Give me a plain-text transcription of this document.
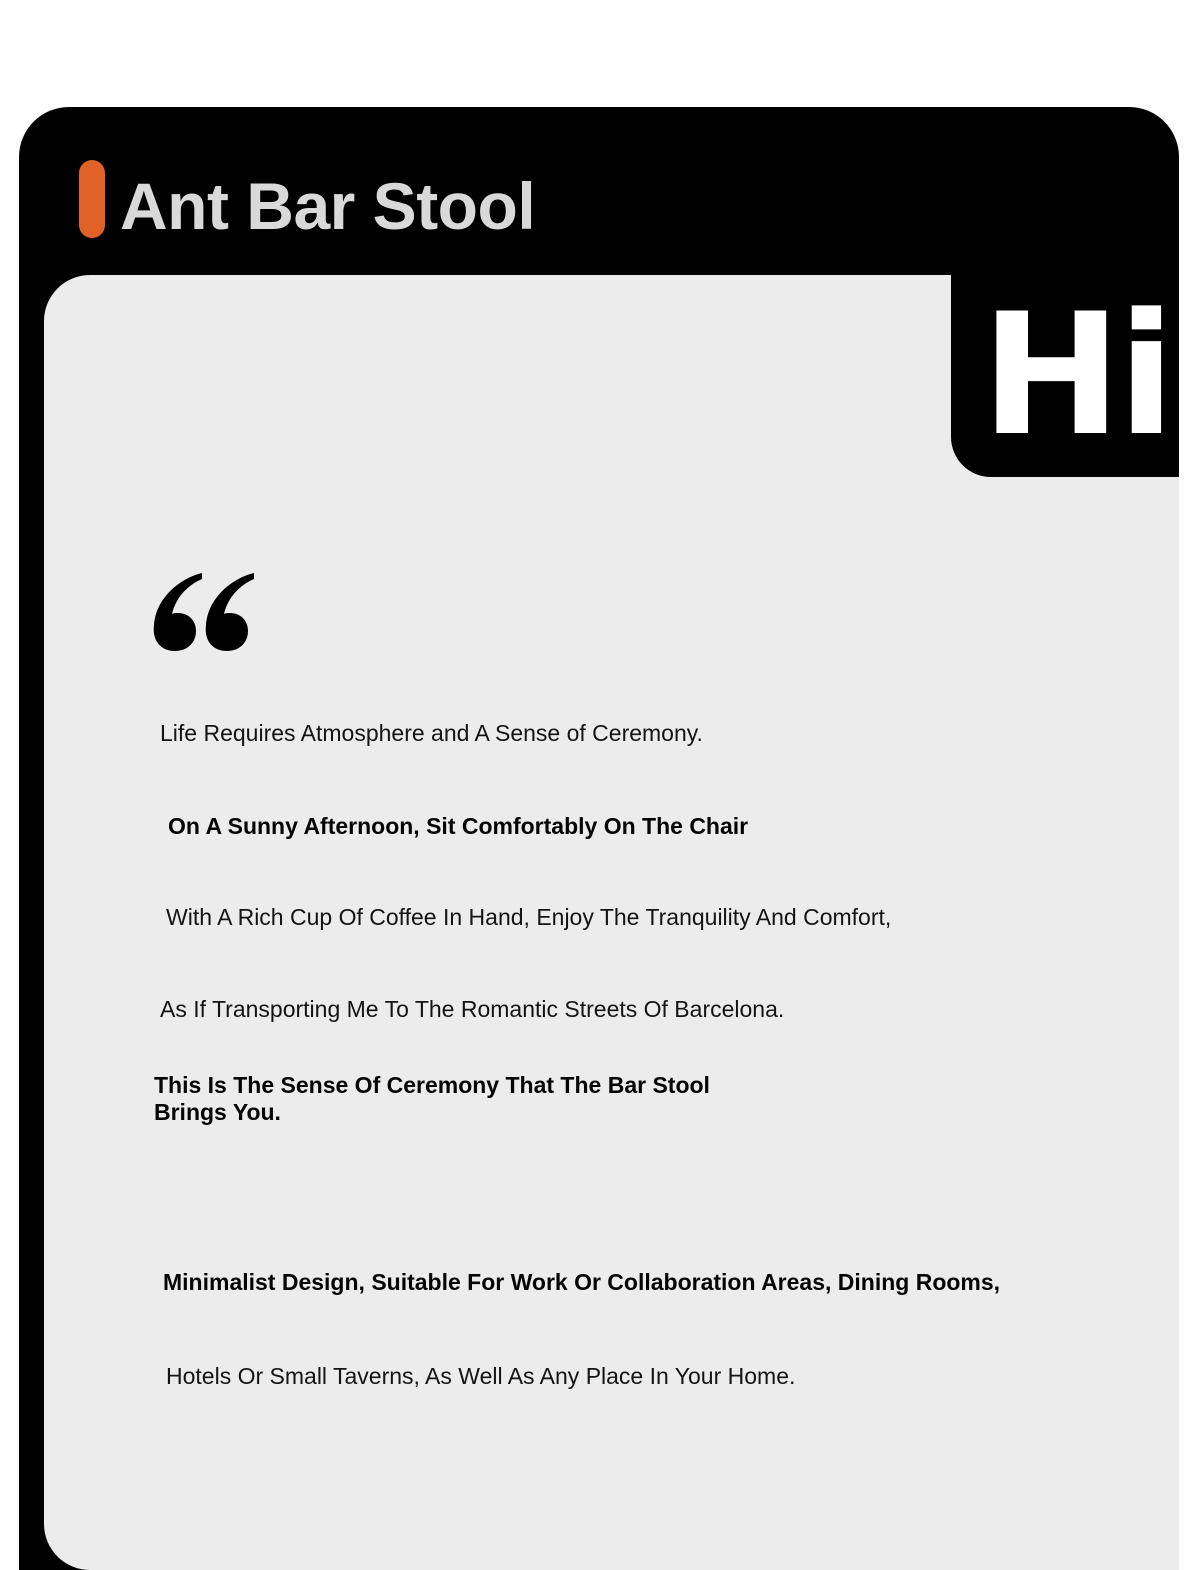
Ant Bar Stool

Life Requires Atmosphere and A Sense of Ceremony.

On A Sunny Afternoon, Sit Comfortably On The Chair

With A Rich Cup Of Coffee In Hand, Enjoy The Tranquility And Comfort,

As If Transporting Me To The Romantic Streets Of Barcelona.

This Is The Sense Of Ceremony That The Bar Stool Brings You.

Minimalist Design, Suitable For Work Or Collaboration Areas, Dining Rooms,

Hotels Or Small Taverns, As Well As Any Place In Your Home.

Hi
